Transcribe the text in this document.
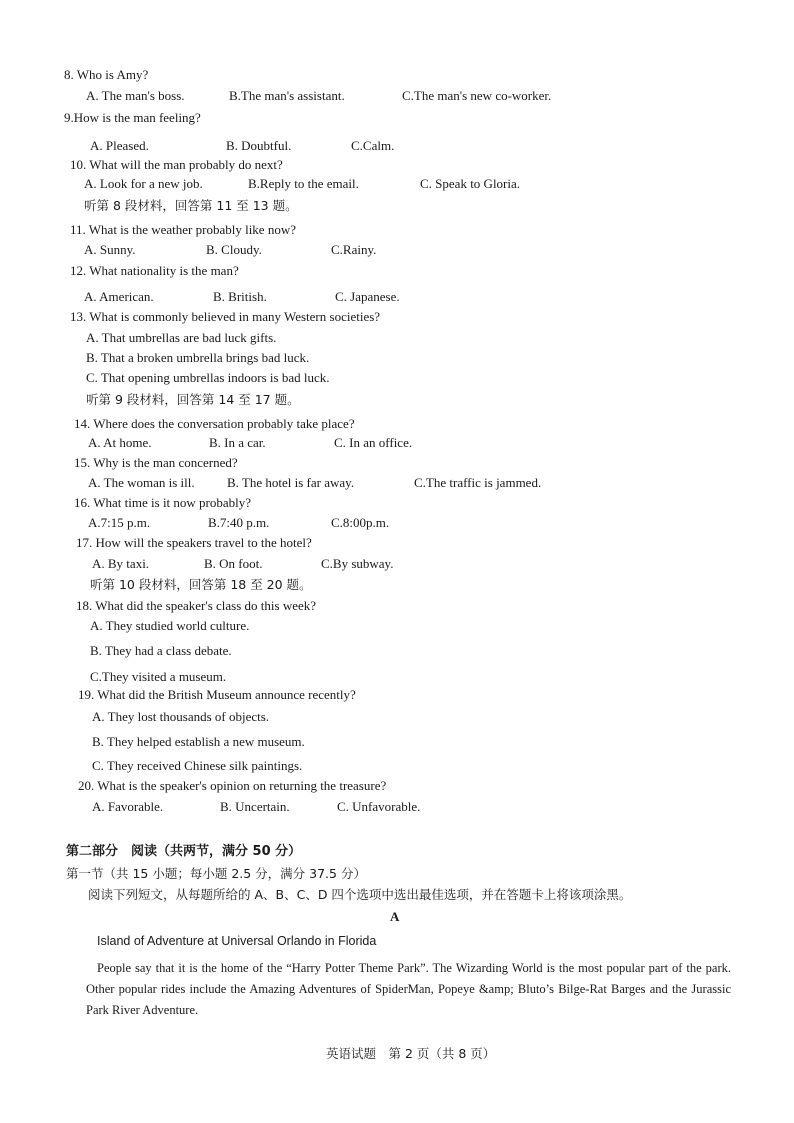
8. Who is Amy?
A. The man's boss.	B.The man's assistant.	C.The man's new co-worker.
9.How is the man feeling?
A. Pleased.	B. Doubtful.	C.Calm.
10. What will the man probably do next?
A. Look for a new job.	B.Reply to the email.	C. Speak to Gloria.
听第 8 段材料，回答第 11 至 13 题。
11. What is the weather probably like now?
A. Sunny.	B. Cloudy.	C.Rainy.
12. What nationality is the man?
A. American.	B. British.	C. Japanese.
13. What is commonly believed in many Western societies?
A. That umbrellas are bad luck gifts.
B. That a broken umbrella brings bad luck.
C. That opening umbrellas indoors is bad luck.
听第 9 段材料，回答第 14 至 17 题。
14. Where does the conversation probably take place?
A. At home.	B. In a car.	C. In an office.
15. Why is the man concerned?
A. The woman is ill. B. The hotel is far away.	C.The traffic is jammed.
16. What time is it now probably?
A.7:15 p.m.	B.7:40 p.m.	C.8:00p.m.
17. How will the speakers travel to the hotel?
A. By taxi.	B. On foot.	C.By subway.
听第 10 段材料，回答第 18 至 20 题。
18. What did the speaker's class do this week?
A. They studied world culture.
B. They had a class debate.
C.They visited a museum.
19. What did the British Museum announce recently?
A. They lost thousands of objects.
B. They helped establish a new museum.
C. They received Chinese silk paintings.
20. What is the speaker's opinion on returning the treasure?
A. Favorable.	B. Uncertain.	C. Unfavorable.
第二部分　阅读（共两节，满分 50 分）
第一节（共 15 小题；每小题 2.5 分，满分 37.5 分）
阅读下列短文，从每题所给的 A、B、C、D 四个选项中选出最佳选项，并在答题卡上将该项涂黑。
A
Island of Adventure at Universal Orlando in Florida
People say that it is the home of the “Harry Potter Theme Park”. The Wizarding World is the most popular part of the park. Other popular rides include the Amazing Adventures of SpiderMan, Popeye &amp; Bluto’s Bilge-Rat Barges and the Jurassic Park River Adventure.
英语试题　第 2 页（共 8 页）
